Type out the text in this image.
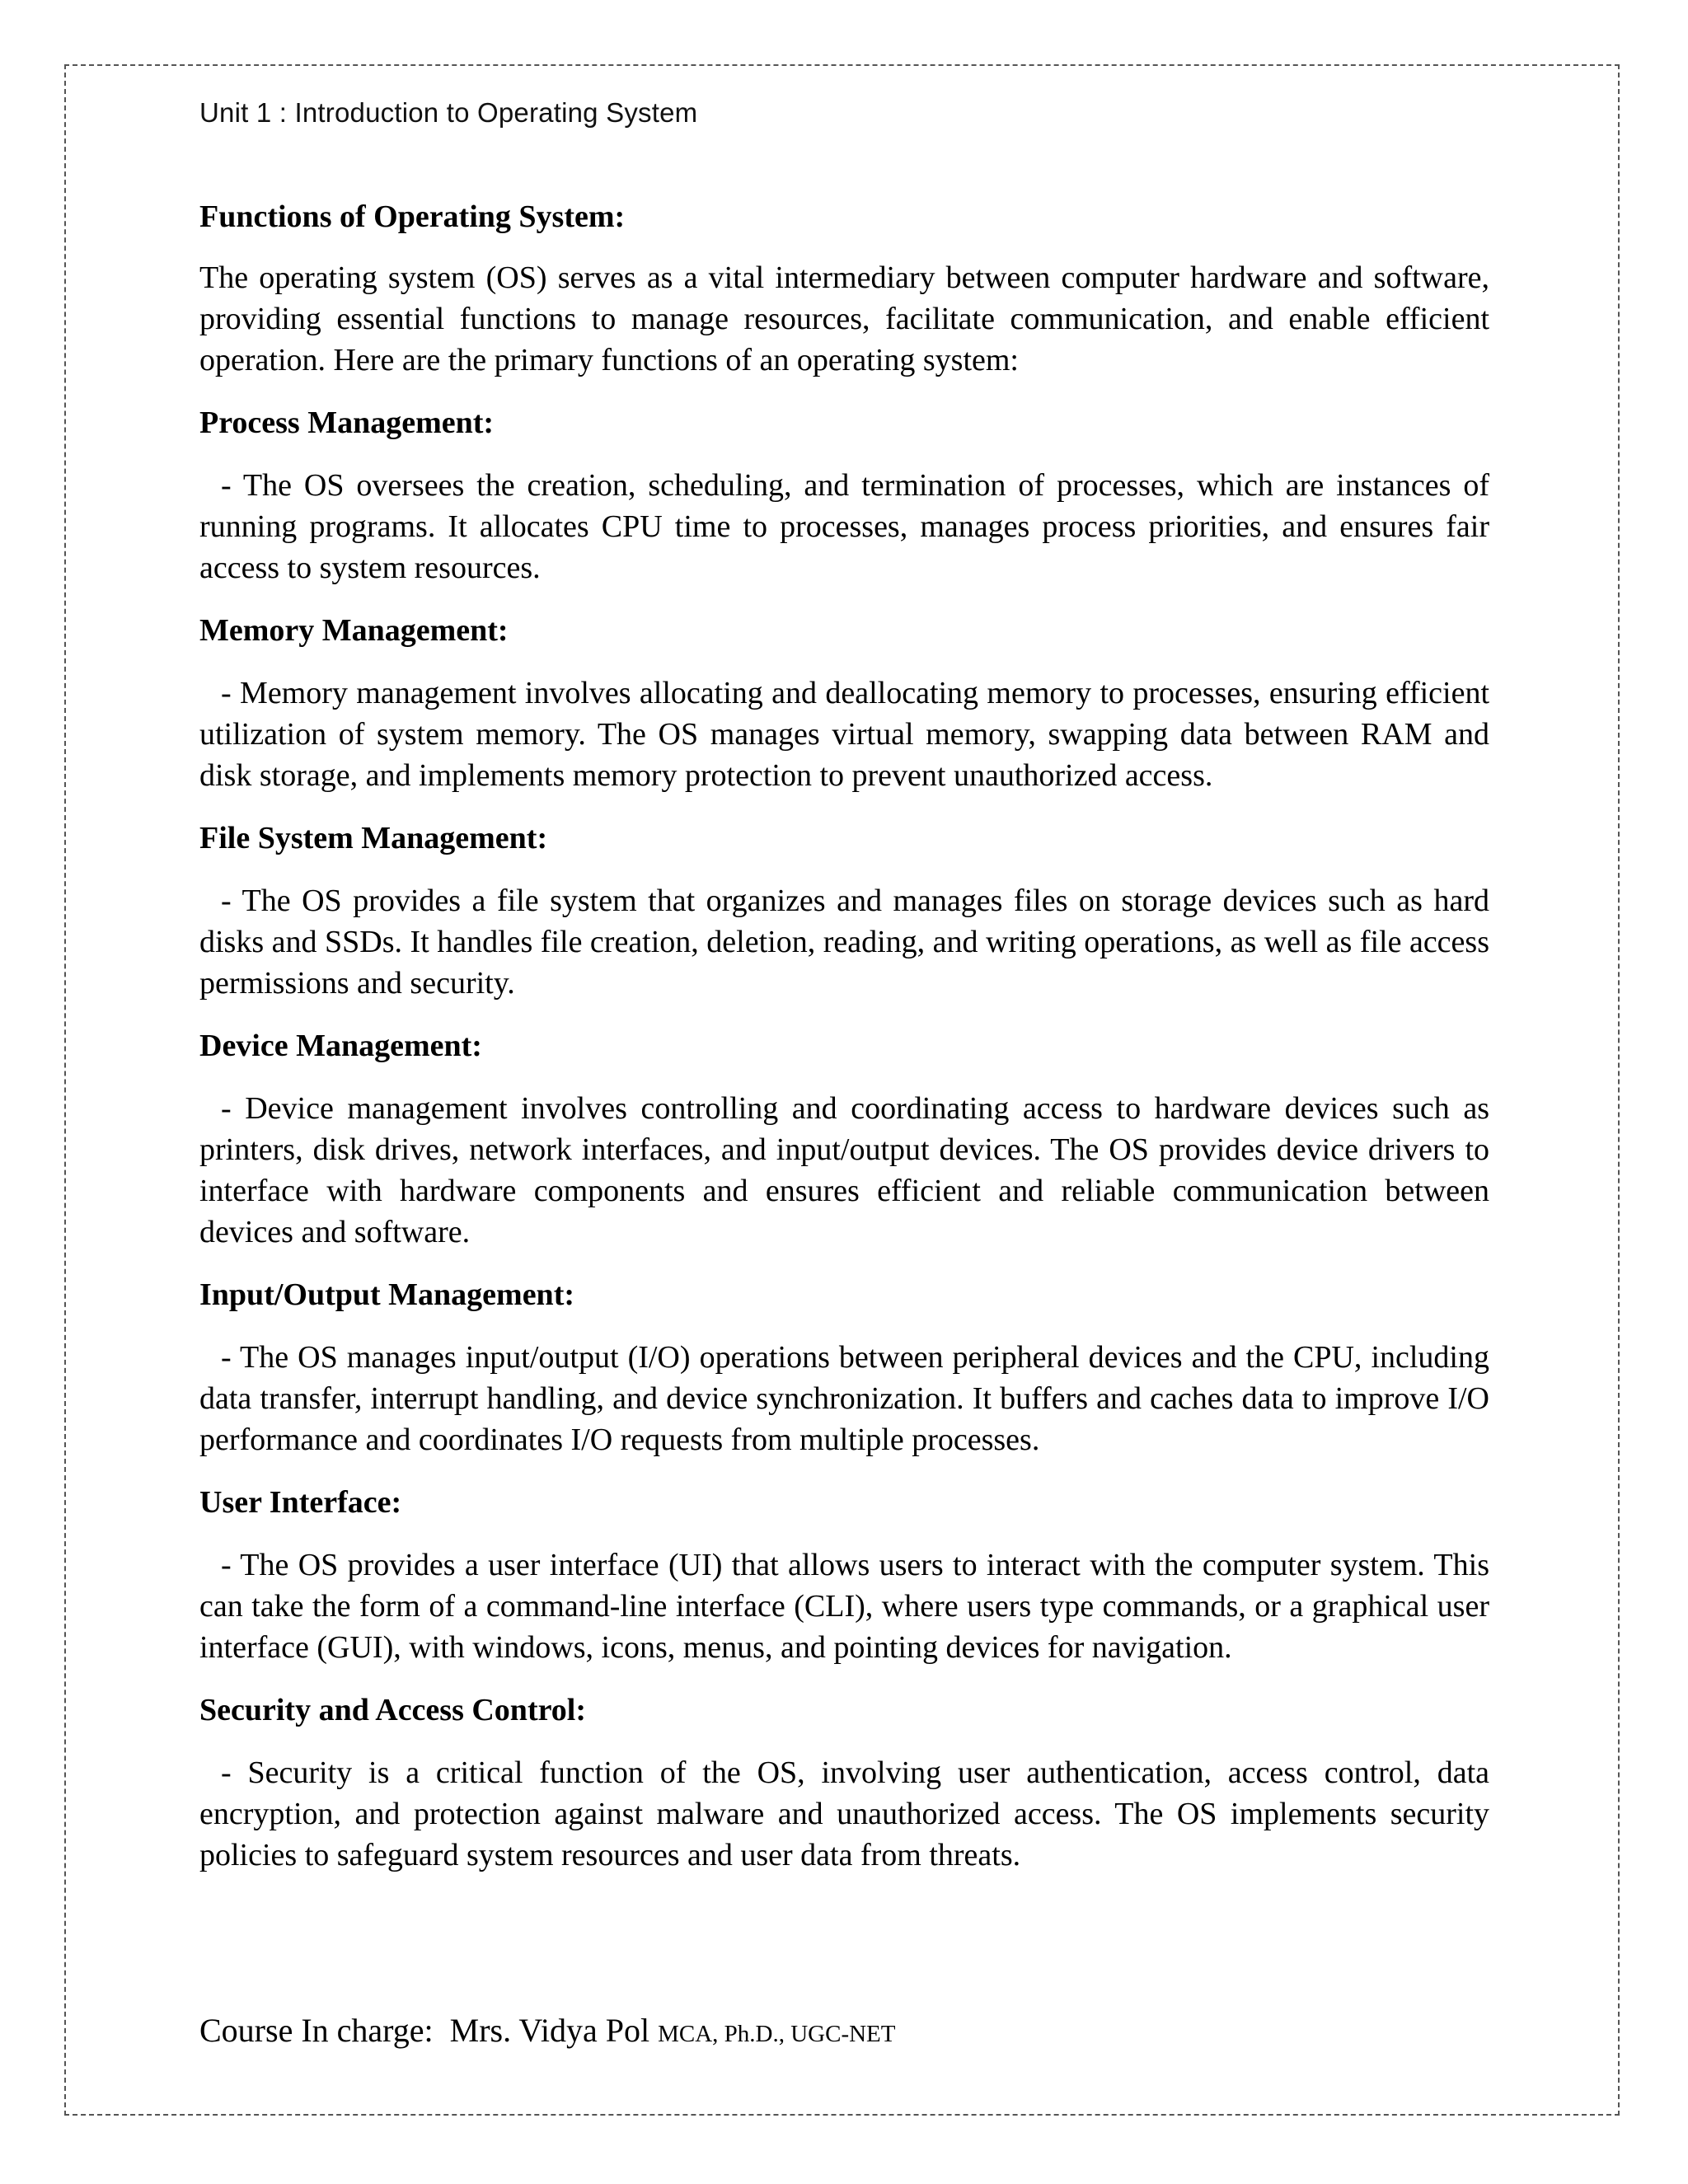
Unit 1 : Introduction to Operating System
Functions of Operating System:
The operating system (OS) serves as a vital intermediary between computer hardware and software, providing essential functions to manage resources, facilitate communication, and enable efficient operation. Here are the primary functions of an operating system:
Process Management:
- The OS oversees the creation, scheduling, and termination of processes, which are instances of running programs. It allocates CPU time to processes, manages process priorities, and ensures fair access to system resources.
Memory Management:
- Memory management involves allocating and deallocating memory to processes, ensuring efficient utilization of system memory. The OS manages virtual memory, swapping data between RAM and disk storage, and implements memory protection to prevent unauthorized access.
File System Management:
- The OS provides a file system that organizes and manages files on storage devices such as hard disks and SSDs. It handles file creation, deletion, reading, and writing operations, as well as file access permissions and security.
Device Management:
- Device management involves controlling and coordinating access to hardware devices such as printers, disk drives, network interfaces, and input/output devices. The OS provides device drivers to interface with hardware components and ensures efficient and reliable communication between devices and software.
Input/Output Management:
- The OS manages input/output (I/O) operations between peripheral devices and the CPU, including data transfer, interrupt handling, and device synchronization. It buffers and caches data to improve I/O performance and coordinates I/O requests from multiple processes.
User Interface:
- The OS provides a user interface (UI) that allows users to interact with the computer system. This can take the form of a command-line interface (CLI), where users type commands, or a graphical user interface (GUI), with windows, icons, menus, and pointing devices for navigation.
Security and Access Control:
- Security is a critical function of the OS, involving user authentication, access control, data encryption, and protection against malware and unauthorized access. The OS implements security policies to safeguard system resources and user data from threats.
Course In charge: Mrs. Vidya Pol MCA, Ph.D., UGC-NET
